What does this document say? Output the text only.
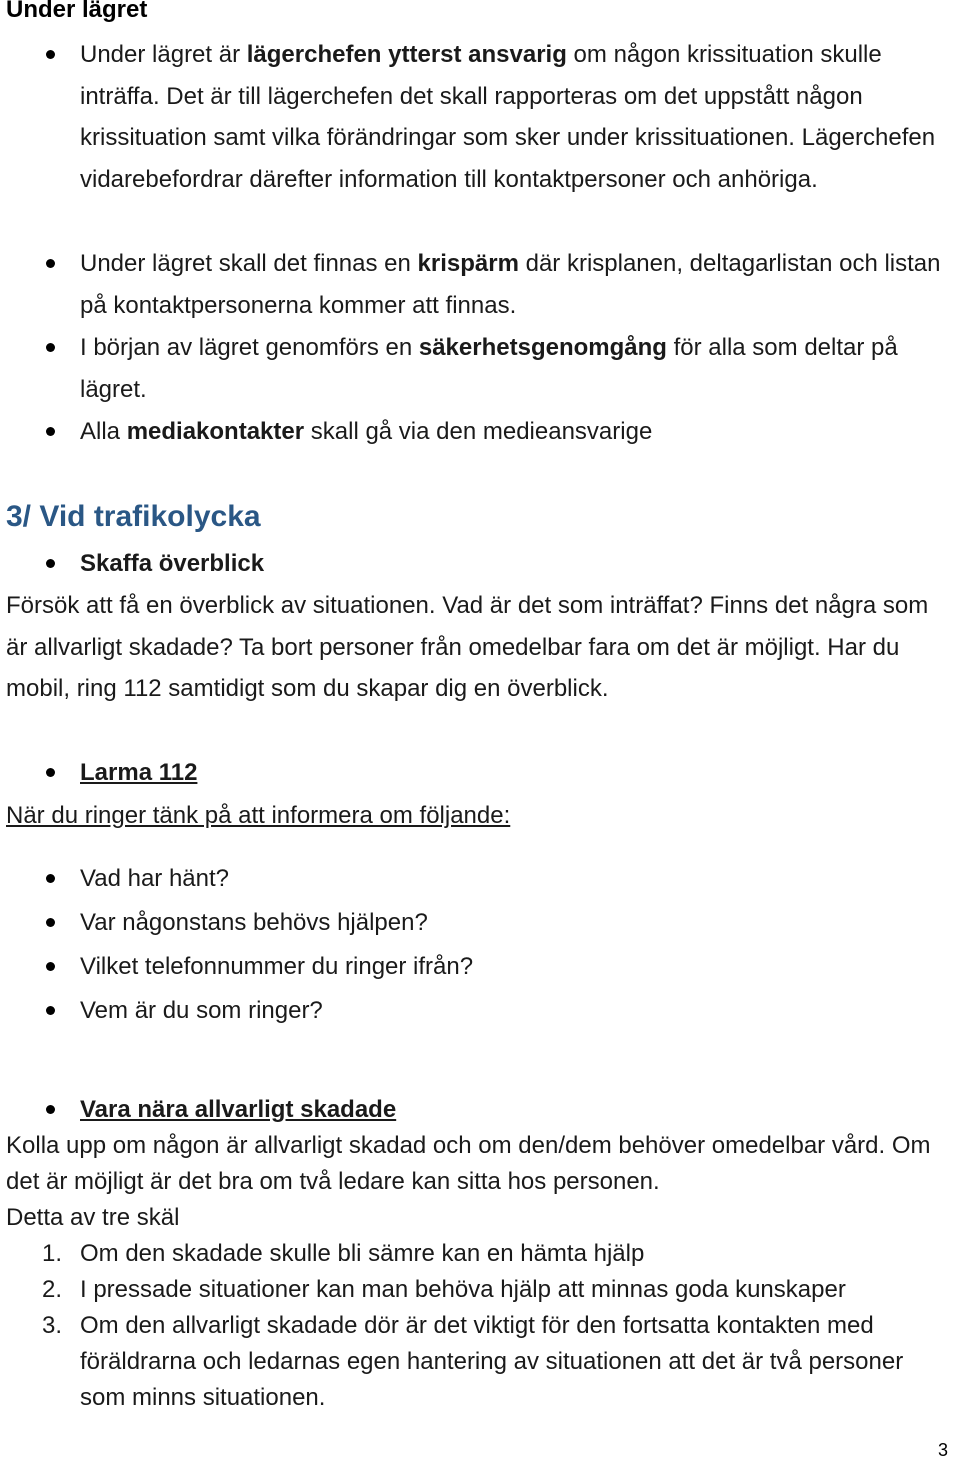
Under lägret
Under lägret är lägerchefen ytterst ansvarig om någon krissituation skulle inträffa. Det är till lägerchefen det skall rapporteras om det uppstått någon krissituation samt vilka förändringar som sker under krissituationen. Lägerchefen vidarebefordrar därefter information till kontaktpersoner och anhöriga.
Under lägret skall det finnas en krispärm där krisplanen, deltagarlistan och listan på kontaktpersonerna kommer att finnas.
I början av lägret genomförs en säkerhetsgenomgång för alla som deltar på lägret.
Alla mediakontakter skall gå via den medieansvarige
3/ Vid trafikolycka
Skaffa överblick
Försök att få en överblick av situationen. Vad är det som inträffat? Finns det några som är allvarligt skadade? Ta bort personer från omedelbar fara om det är möjligt. Har du mobil, ring 112 samtidigt som du skapar dig en överblick.
Larma 112
När du ringer tänk på att informera om följande:
Vad har hänt?
Var någonstans behövs hjälpen?
Vilket telefonnummer du ringer ifrån?
Vem är du som ringer?
Vara nära allvarligt skadade
Kolla upp om någon är allvarligt skadad och om den/dem behöver omedelbar vård. Om det är möjligt är det bra om två ledare kan sitta hos personen.
Detta av tre skäl
1. Om den skadade skulle bli sämre kan en hämta hjälp
2. I pressade situationer kan man behöva hjälp att minnas goda kunskaper
3. Om den allvarligt skadade dör är det viktigt för den fortsatta kontakten med föräldrarna och ledarnas egen hantering av situationen att det är två personer som minns situationen.
3
